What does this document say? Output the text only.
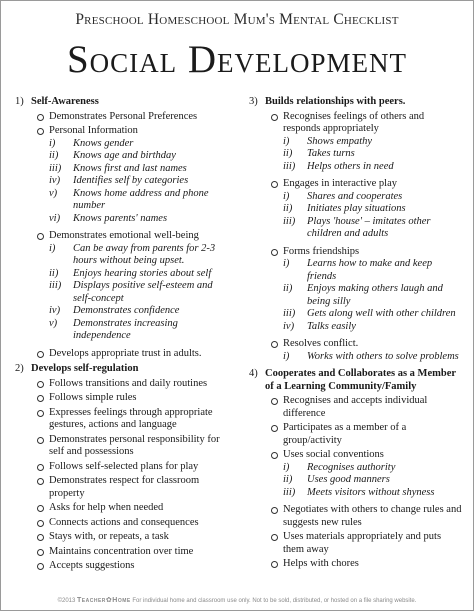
Preschool Homeschool Mum's Mental Checklist
Social Development
1) Self-Awareness
Demonstrates Personal Preferences
Personal Information
i)	Knows gender
ii)	Knows age and birthday
iii)	Knows first and last names
iv)	Identifies self by categories
v)	Knows home address and phone number
vi)	Knows parents' names
Demonstrates emotional well-being
i)	Can be away from parents for 2-3 hours without being upset.
ii)	Enjoys hearing stories about self
iii)	Displays positive self-esteem and self-concept
iv)	Demonstrates confidence
v)	Demonstrates increasing independence
Develops appropriate trust in adults.
2) Develops self-regulation
Follows transitions and daily routines
Follows simple rules
Expresses feelings through appropriate gestures, actions and language
Demonstrates personal responsibility for self and possessions
Follows self-selected plans for play
Demonstrates respect for classroom property
Asks for help when needed
Connects actions and consequences
Stays with, or repeats, a task
Maintains concentration over time
Accepts suggestions
3) Builds relationships with peers.
Recognises feelings of others and responds appropriately
i)	Shows empathy
ii)	Takes turns
iii)	Helps others in need
Engages in interactive play
i)	Shares and cooperates
ii)	Initiates play situations
iii)	Plays 'house' – imitates other children and adults
Forms friendships
i)	Learns how to make and keep friends
ii)	Enjoys making others laugh and being silly
iii)	Gets along well with other children
iv)	Talks easily
Resolves conflict.
i)	Works with others to solve problems
4) Cooperates and Collaborates as a Member of a Learning Community/Family
Recognises and accepts individual difference
Participates as a member of a group/activity
Uses social conventions
i)	Recognises authority
ii)	Uses good manners
iii)	Meets visitors without shyness
Negotiates with others to change rules and suggests new rules
Uses materials appropriately and puts them away
Helps with chores
©2013 Teacher✿Home For individual home and classroom use only. Not to be sold, distributed, or hosted on a file sharing website.
